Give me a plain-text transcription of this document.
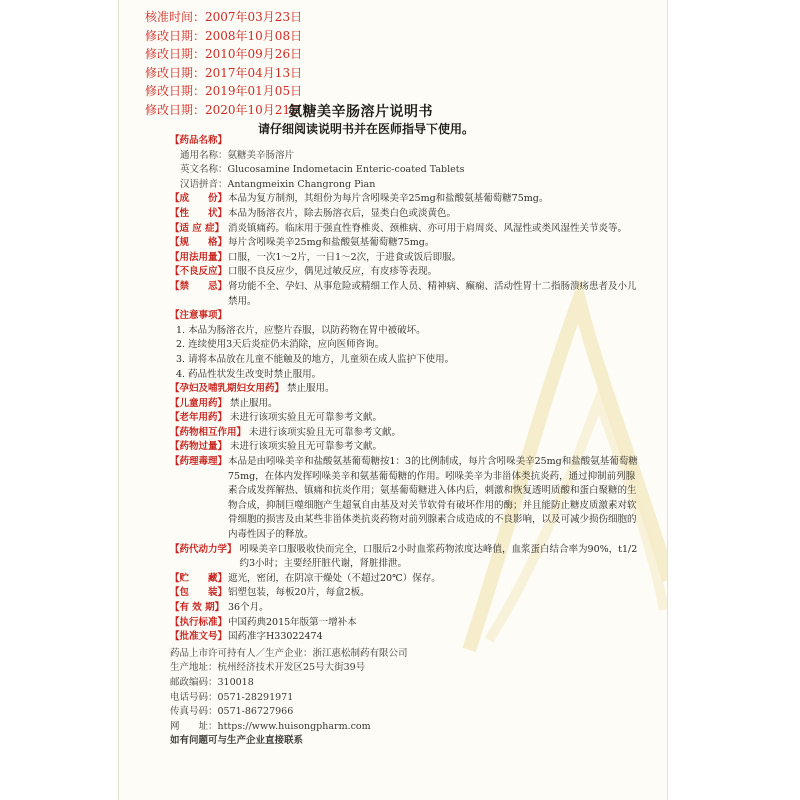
核准时间：2007年03月23日
修改日期：2008年10月08日
修改日期：2010年09月26日
修改日期：2017年04月13日
修改日期：2019年01月05日
修改日期：2020年10月21日
氨糖美辛肠溶片说明书
请仔细阅读说明书并在医师指导下使用。
【药品名称】
通用名称：氨糖美辛肠溶片
英文名称：Glucosamine Indometacin Enteric-coated Tablets
汉语拼音：Antangmeixin Changrong Pian
【成　　份】 本品为复方制剂，其组份为每片含吲哚美辛25mg和盐酸氨基葡萄糖75mg。
【性　　状】 本品为肠溶衣片，除去肠溶衣后，显类白色或淡黄色。
【适 应 症】 消炎镇痛药。临床用于强直性脊椎炎、颈椎病、亦可用于肩周炎、风湿性或类风湿性关节炎等。
【规　　格】 每片含吲哚美辛25mg和盐酸氨基葡萄糖75mg。
【用法用量】 口服，一次1～2片，一日1～2次，于进食或饭后即服。
【不良反应】 口服不良反应少，偶见过敏反应，有皮疹等表现。
【禁　　忌】 肾功能不全、孕妇、从事危险或精细工作人员、精神病、癫痫、活动性胃十二指肠溃疡患者及小儿禁用。
【注意事项】
1. 本品为肠溶衣片，应整片吞服，以防药物在胃中被破坏。
2. 连续使用3天后炎症仍未消除，应向医师咨询。
3. 请将本品放在儿童不能触及的地方，儿童须在成人监护下使用。
4. 药品性状发生改变时禁止服用。
【孕妇及哺乳期妇女用药】 禁止服用。
【儿童用药】 禁止服用。
【老年用药】 未进行该项实验且无可靠参考文献。
【药物相互作用】 未进行该项实验且无可靠参考文献。
【药物过量】 未进行该项实验且无可靠参考文献。
【药理毒理】 本品是由吲哚美辛和盐酸氨基葡萄糖按1：3的比例制成，每片含吲哚美辛25mg和盐酸氨基葡萄糖75mg，在体内发挥吲哚美辛和氨基葡萄糖的作用。吲哚美辛为非甾体类抗炎药，通过抑制前列腺素合成发挥解热、镇痛和抗炎作用；氨基葡萄糖进入体内后，刺激和恢复透明质酸和蛋白聚糖的生物合成，抑制巨噬细胞产生超氧自由基及对关节软骨有破坏作用的酶；并且能防止糖皮质激素对软骨细胞的损害及由某些非甾体类抗炎药物对前列腺素合成造成的不良影响，以及可减少损伤细胞的内毒性因子的释放。
【药代动力学】 吲哚美辛口服吸收快而完全，口服后2小时血浆药物浓度达峰值，血浆蛋白结合率为90%，t1/2约3小时；主要经肝脏代谢，肾脏排泄。
【贮　　藏】 遮光，密闭，在阴凉干燥处（不超过20℃）保存。
【包　　装】 铝塑包装，每板20片，每盒2板。
【有 效 期】 36个月。
【执行标准】 中国药典2015年版第一增补本
【批准文号】 国药准字H33022474
药品上市许可持有人／生产企业：浙江惠松制药有限公司
生产地址：杭州经济技术开发区25号大街39号
邮政编码：310018
电话号码：0571-28291971
传真号码：0571-86727966
网　　址：https://www.huisongpharm.com
如有问题可与生产企业直接联系
